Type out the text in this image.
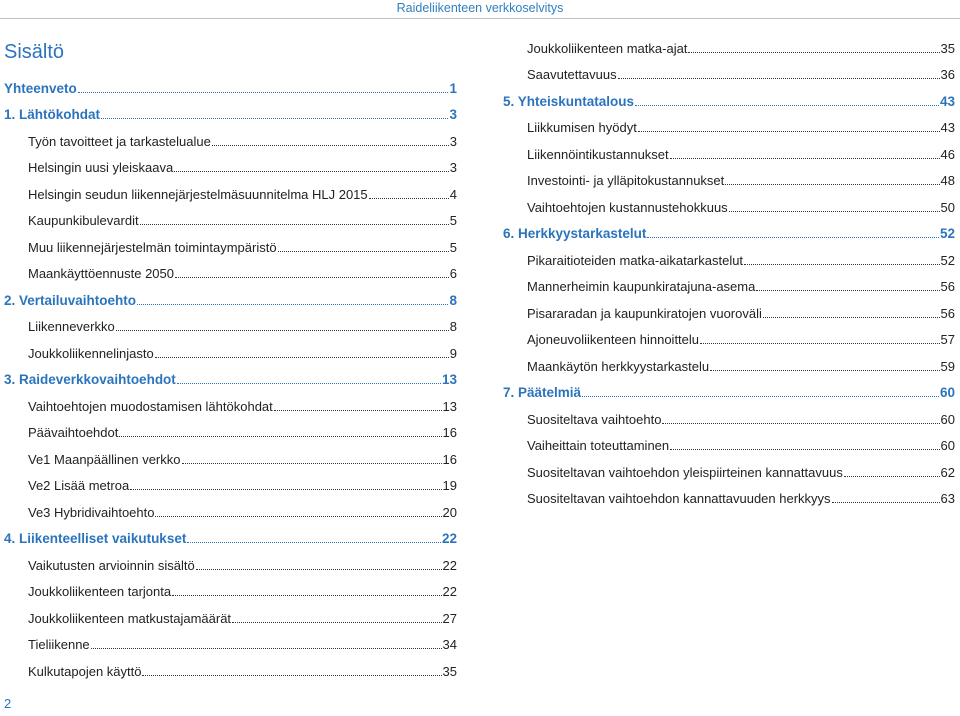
Raideliikenteen verkkoselvitys
Sisältö
Yhteenveto	1
1. Lähtökohdat	3
Työn tavoitteet ja tarkastelualue	3
Helsingin uusi yleiskaava	3
Helsingin seudun liikennejärjestelmäsuunnitelma HLJ 2015	4
Kaupunkibulevardit	5
Muu liikennejärjestelmän toimintaympäristö	5
Maankäyttöennuste 2050	6
2. Vertailuvaihtoehto	8
Liikenneverkko	8
Joukkoliikennelinjasto	9
3. Raideverkkovaihtoehdot	13
Vaihtoehtojen muodostamisen lähtökohdat	13
Päävaihtoehdot	16
Ve1 Maanpäällinen verkko	16
Ve2 Lisää metroa	19
Ve3 Hybridivaihtoehto	20
4. Liikenteelliset vaikutukset	22
Vaikutusten arvioinnin sisältö	22
Joukkoliikenteen tarjonta	22
Joukkoliikenteen matkustajamäärät	27
Tieliikenne	34
Kulkutapojen käyttö	35
Joukkoliikenteen matka-ajat	35
Saavutettavuus	36
5. Yhteiskuntatalous	43
Liikkumisen hyödyt	43
Liikennöintikustannukset	46
Investointi- ja ylläpitokustannukset	48
Vaihtoehtojen kustannustehokkuus	50
6. Herkkyystarkastelut	52
Pikaraitioteiden matka-aikatarkastelut	52
Mannerheimin kaupunkiratajuna-asema	56
Pisararadan ja kaupunkiratojen vuoroväli	56
Ajoneuvoliikenteen hinnoittelu	57
Maankäytön herkkyystarkastelu	59
7. Päätelmiä	60
Suositeltava vaihtoehto	60
Vaiheittain toteuttaminen	60
Suositeltavan vaihtoehdon yleispiirteinen kannattavuus	62
Suositeltavan vaihtoehdon kannattavuuden herkkyys	63
2
